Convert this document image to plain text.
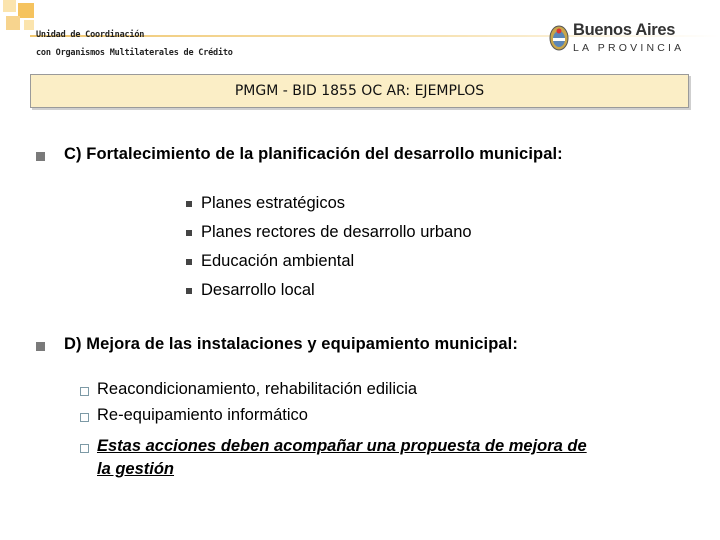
Unidad de Coordinación
con Organismos Multilaterales de Crédito
Buenos Aires
LA PROVINCIA
PMGM - BID 1855 OC AR: EJEMPLOS
C) Fortalecimiento de la planificación del desarrollo municipal:
Planes estratégicos
Planes rectores de desarrollo urbano
Educación ambiental
Desarrollo local
D) Mejora de las instalaciones y equipamiento municipal:
Reacondicionamiento, rehabilitación edilicia
Re-equipamiento informático
Estas acciones deben acompañar una propuesta de mejora de
la gestión
